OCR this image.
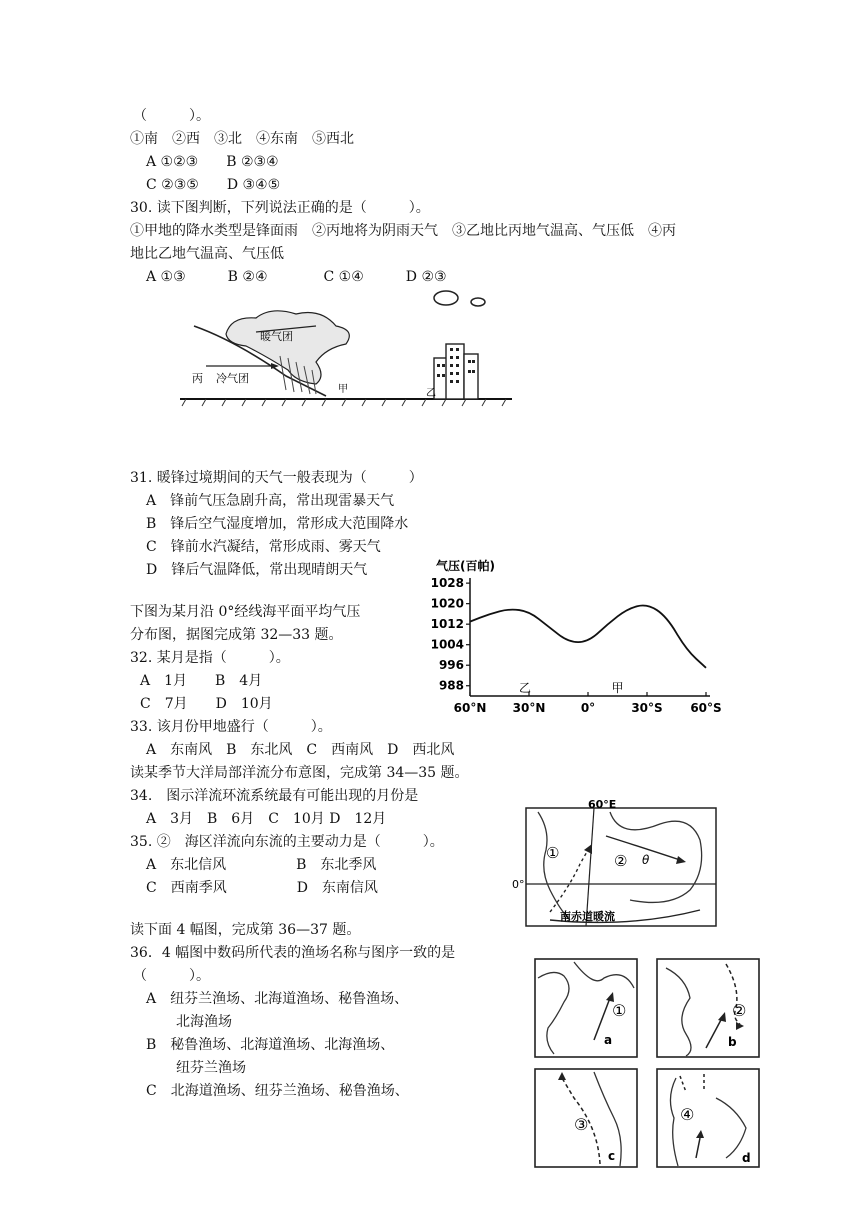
（　　　）。
①南　②西　③北　④东南　⑤西北
A ①②③　　B ②③④
C ②③⑤　　D ③④⑤
30. 读下图判断，下列说法正确的是（　　　）。
①甲地的降水类型是锋面雨　②丙地将为阴雨天气　③乙地比丙地气温高、气压低　④丙
地比乙地气温高、气压低
A ①③　　　B ②④　　　　C ①④　　　D ②③
暖气团
丙 冷气团
甲	乙
31. 暖锋过境期间的天气一般表现为（　　　）
A　锋前气压急剧升高，常出现雷暴天气
B　锋后空气湿度增加，常形成大范围降水
C　锋前水汽凝结，常形成雨、雾天气
D　锋后气温降低，常出现晴朗天气
下图为某月沿 0°经线海平面平均气压
分布图，据图完成第 32—33 题。
32. 某月是指（　　　）。
A　1月　　B　4月
C　7月　　D　10月
33. 该月份甲地盛行（　　　）。
A　东南风　B　东北风　C　西南风　D　西北风
气压(百帕)
1028
1020
1012
1004
996
988
60°N 30°N	0°	30°S 60°S
乙	甲
读某季节大洋局部洋流分布意图，完成第 34—35 题。
34.　图示洋流环流系统最有可能出现的月份是
A　3月　B　6月　C　10月 D　12月
35. ②　海区洋流向东流的主要动力是（　　　）。
A　东北信风　　　　　B　东北季风
C　西南季风　　　　　D　东南信风
60°E
0°
①	② θ
南赤道暖流
读下面 4 幅图，完成第 36—37 题。
36．4 幅图中数码所代表的渔场名称与图序一致的是
（　　　）。
A　纽芬兰渔场、北海道渔场、秘鲁渔场、
北海渔场
B　秘鲁渔场、北海道渔场、北海渔场、
纽芬兰渔场
C　北海道渔场、纽芬兰渔场、秘鲁渔场、
①
a
②
b
③
c
④
d
